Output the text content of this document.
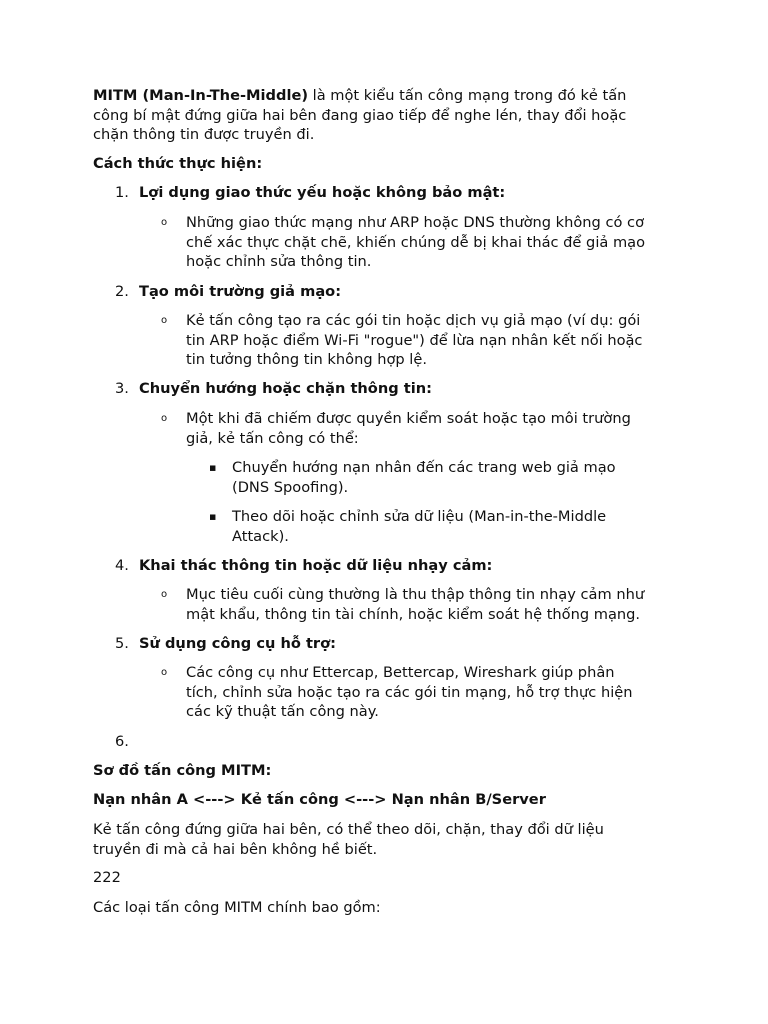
MITM (Man-In-The-Middle) là một kiểu tấn công mạng trong đó kẻ tấn
công bí mật đứng giữa hai bên đang giao tiếp để nghe lén, thay đổi hoặc
chặn thông tin được truyền đi.
Cách thức thực hiện:
1. Lợi dụng giao thức yếu hoặc không bảo mật:
o	Những giao thức mạng như ARP hoặc DNS thường không có cơ
chế xác thực chặt chẽ, khiến chúng dễ bị khai thác để giả mạo
hoặc chỉnh sửa thông tin.
2. Tạo môi trường giả mạo:
o	Kẻ tấn công tạo ra các gói tin hoặc dịch vụ giả mạo (ví dụ: gói
tin ARP hoặc điểm Wi-Fi "rogue") để lừa nạn nhân kết nối hoặc
tin tưởng thông tin không hợp lệ.
3. Chuyển hướng hoặc chặn thông tin:
o	Một khi đã chiếm được quyền kiểm soát hoặc tạo môi trường
giả, kẻ tấn công có thể:
▪ Chuyển hướng nạn nhân đến các trang web giả mạo
(DNS Spoofing).
▪ Theo dõi hoặc chỉnh sửa dữ liệu (Man-in-the-Middle
Attack).
4. Khai thác thông tin hoặc dữ liệu nhạy cảm:
o	Mục tiêu cuối cùng thường là thu thập thông tin nhạy cảm như
mật khẩu, thông tin tài chính, hoặc kiểm soát hệ thống mạng.
5. Sử dụng công cụ hỗ trợ:
o	Các công cụ như Ettercap, Bettercap, Wireshark giúp phân
tích, chỉnh sửa hoặc tạo ra các gói tin mạng, hỗ trợ thực hiện
các kỹ thuật tấn công này.
6.
Sơ đồ tấn công MITM:
Nạn nhân A <---> Kẻ tấn công <---> Nạn nhân B/Server
Kẻ tấn công đứng giữa hai bên, có thể theo dõi, chặn, thay đổi dữ liệu
truyền đi mà cả hai bên không hề biết.
222
Các loại tấn công MITM chính bao gồm:
